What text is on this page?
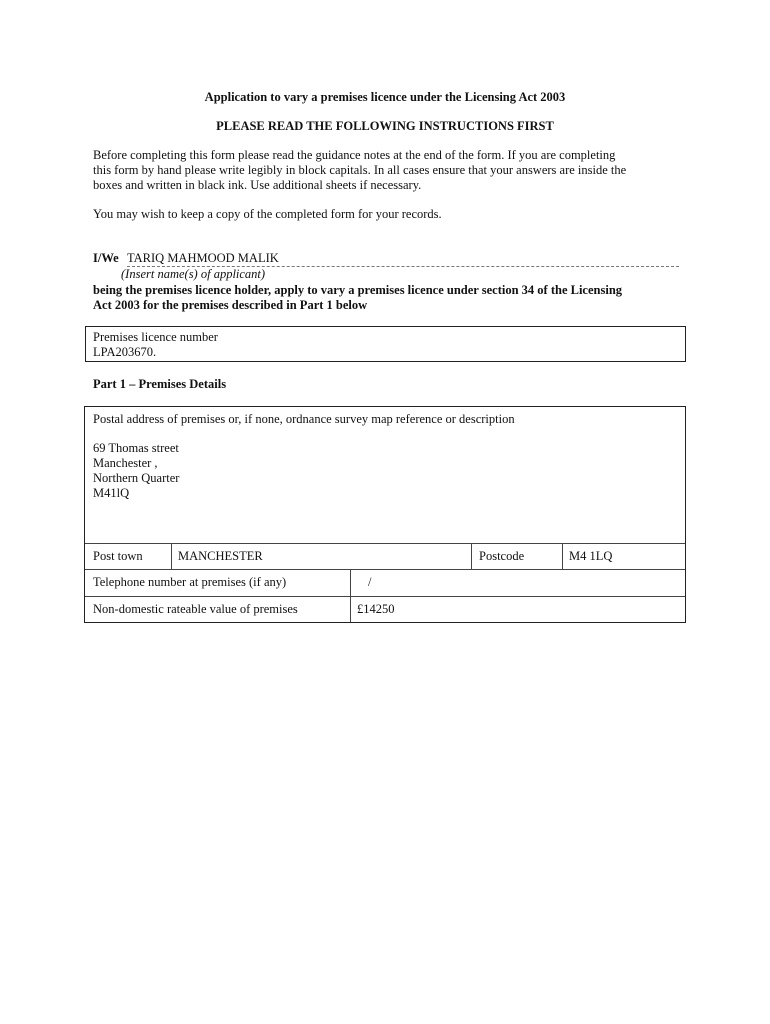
Application to vary a premises licence under the Licensing Act 2003
PLEASE READ THE FOLLOWING INSTRUCTIONS FIRST
Before completing this form please read the guidance notes at the end of the form. If you are completing
this form by hand please write legibly in block capitals. In all cases ensure that your answers are inside the
boxes and written in black ink. Use additional sheets if necessary.
You may wish to keep a copy of the completed form for your records.
I/We TARIQ MAHMOOD MALIK
(Insert name(s) of applicant)
being the premises licence holder, apply to vary a premises licence under section 34 of the Licensing
Act 2003 for the premises described in Part 1 below
Premises licence number
LPA203670.
Part 1 – Premises Details
Postal address of premises or, if none, ordnance survey map reference or description
69 Thomas street
Manchester ,
Northern Quarter
M41lQ
Post town	MANCHESTER	Postcode	M4 1LQ
Telephone number at premises (if any)	/
Non-domestic rateable value of premises	£14250
